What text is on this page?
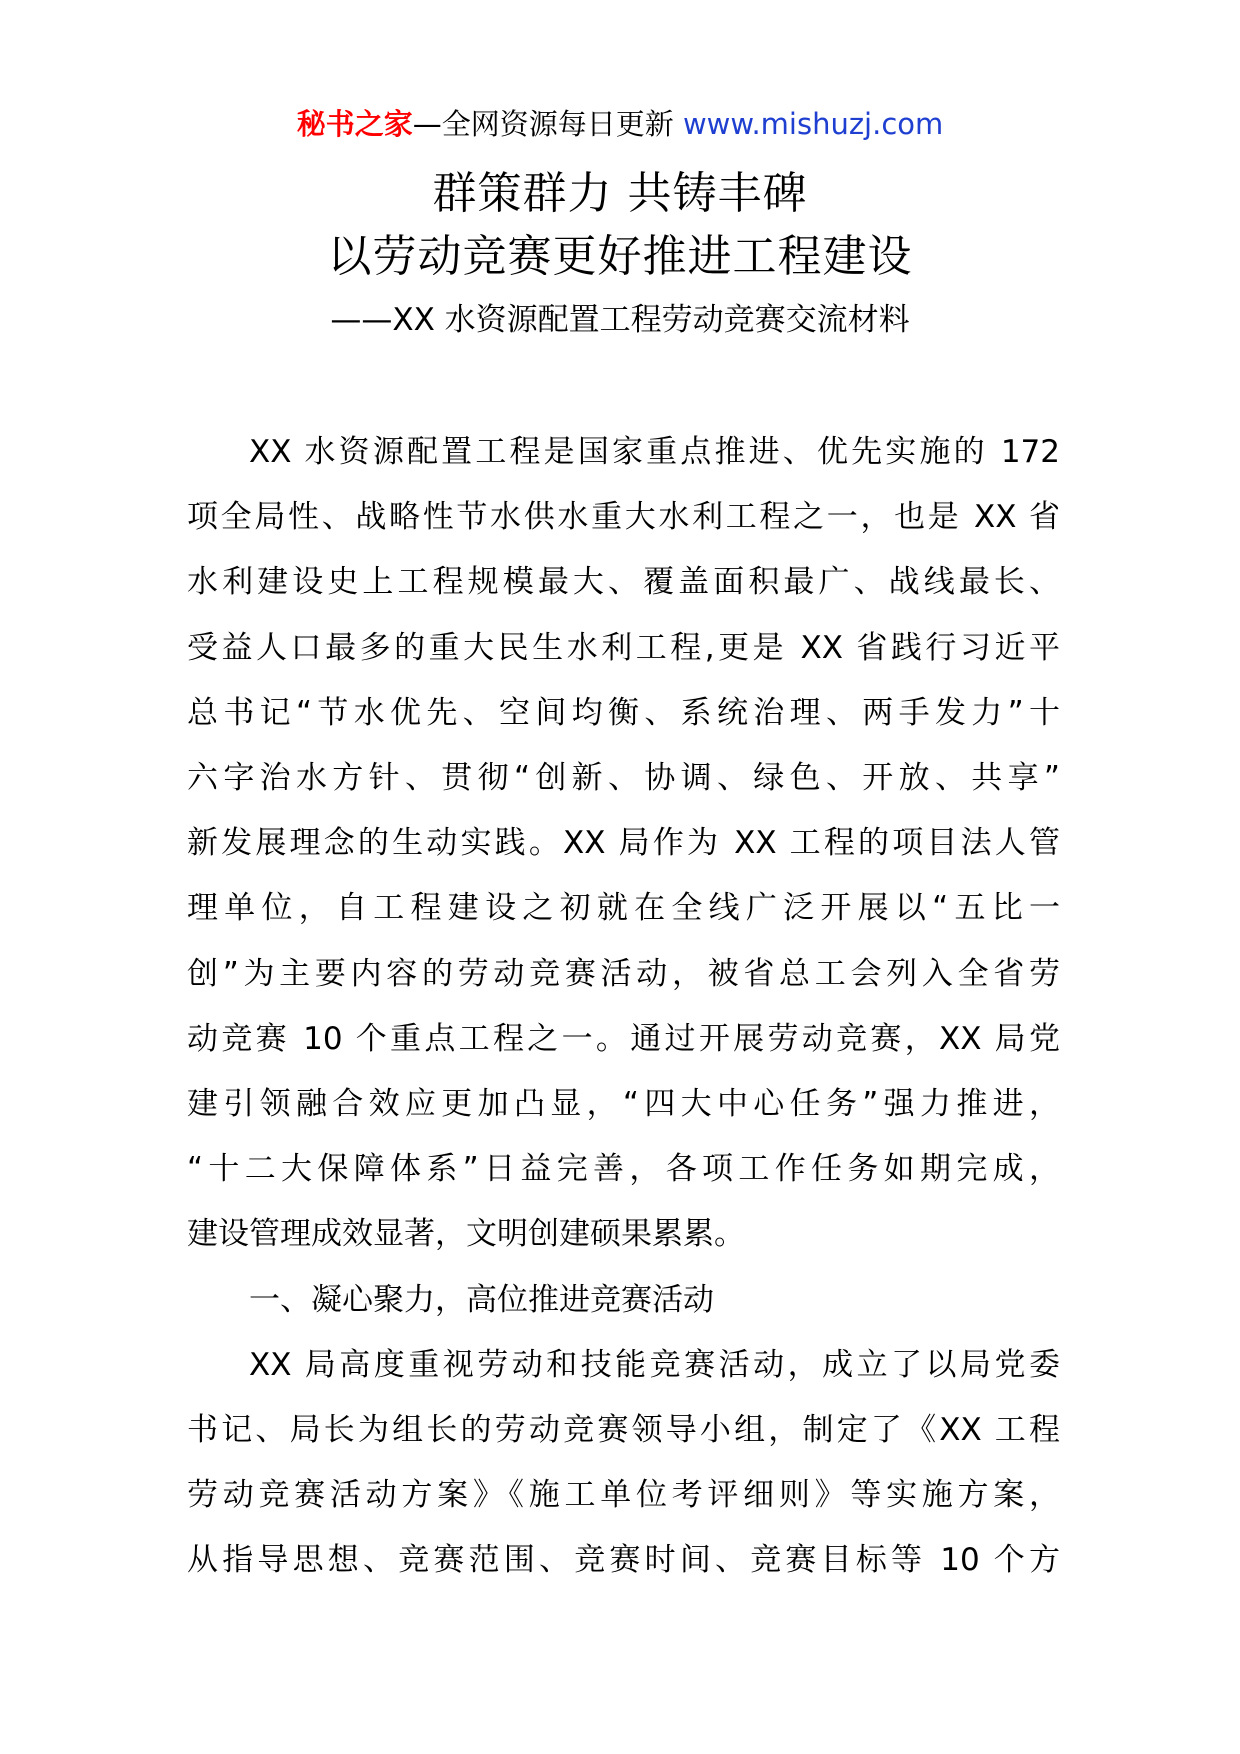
秘书之家—全网资源每日更新 www.mishuzj.com
群策群力 共铸丰碑
以劳动竞赛更好推进工程建设
——XX 水资源配置工程劳动竞赛交流材料

XX 水资源配置工程是国家重点推进、优先实施的 172
项全局性、战略性节水供水重大水利工程之一，也是 XX 省
水利建设史上工程规模最大、覆盖面积最广、战线最长、
受益人口最多的重大民生水利工程,更是 XX 省践行习近平
总书记“节水优先、空间均衡、系统治理、两手发力”十
六字治水方针、贯彻“创新、协调、绿色、开放、共享”
新发展理念的生动实践。XX 局作为 XX 工程的项目法人管
理单位，自工程建设之初就在全线广泛开展以“五比一
创”为主要内容的劳动竞赛活动，被省总工会列入全省劳
动竞赛 10 个重点工程之一。通过开展劳动竞赛，XX 局党
建引领融合效应更加凸显，“四大中心任务”强力推进，
“十二大保障体系”日益完善，各项工作任务如期完成，
建设管理成效显著，文明创建硕果累累。

一、凝心聚力，高位推进竞赛活动

XX 局高度重视劳动和技能竞赛活动，成立了以局党委
书记、局长为组长的劳动竞赛领导小组，制定了《XX 工程
劳动竞赛活动方案》《施工单位考评细则》等实施方案，
从指导思想、竞赛范围、竞赛时间、竞赛目标等 10 个方
